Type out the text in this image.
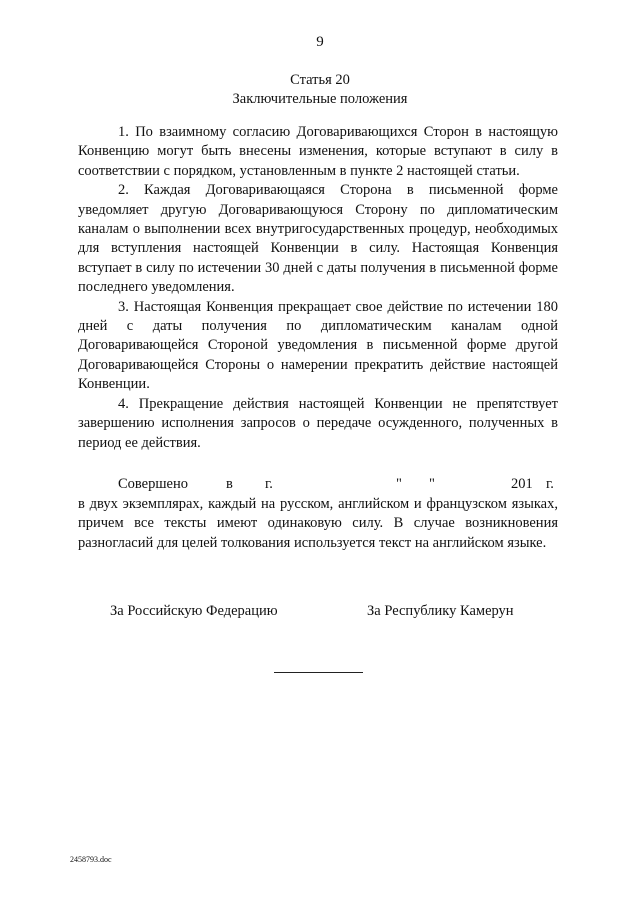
9
Статья 20
Заключительные положения

1. По взаимному согласию Договаривающихся Сторон в настоящую Конвенцию могут быть внесены изменения, которые вступают в силу в соответствии с порядком, установленным в пункте 2 настоящей статьи.

2. Каждая Договаривающаяся Сторона в письменной форме уведомляет другую Договаривающуюся Сторону по дипломатическим каналам о выполнении всех внутригосударственных процедур, необходимых для вступления настоящей Конвенции в силу. Настоящая Конвенция вступает в силу по истечении 30 дней с даты получения в письменной форме последнего уведомления.

3. Настоящая Конвенция прекращает свое действие по истечении 180 дней с даты получения по дипломатическим каналам одной Договаривающейся Стороной уведомления в письменной форме другой Договаривающейся Стороны о намерении прекратить действие настоящей Конвенции.

4. Прекращение действия настоящей Конвенции не препятствует завершению исполнения запросов о передаче осужденного, полученных в период ее действия.

Совершено	в г.	" "	201 г.

в двух экземплярах, каждый на русском, английском и французском языках, причем все тексты имеют одинаковую силу. В случае возникновения разногласий для целей толкования используется текст на английском языке.

За Российскую Федерацию	За Республику Камерун
2458793.doc
